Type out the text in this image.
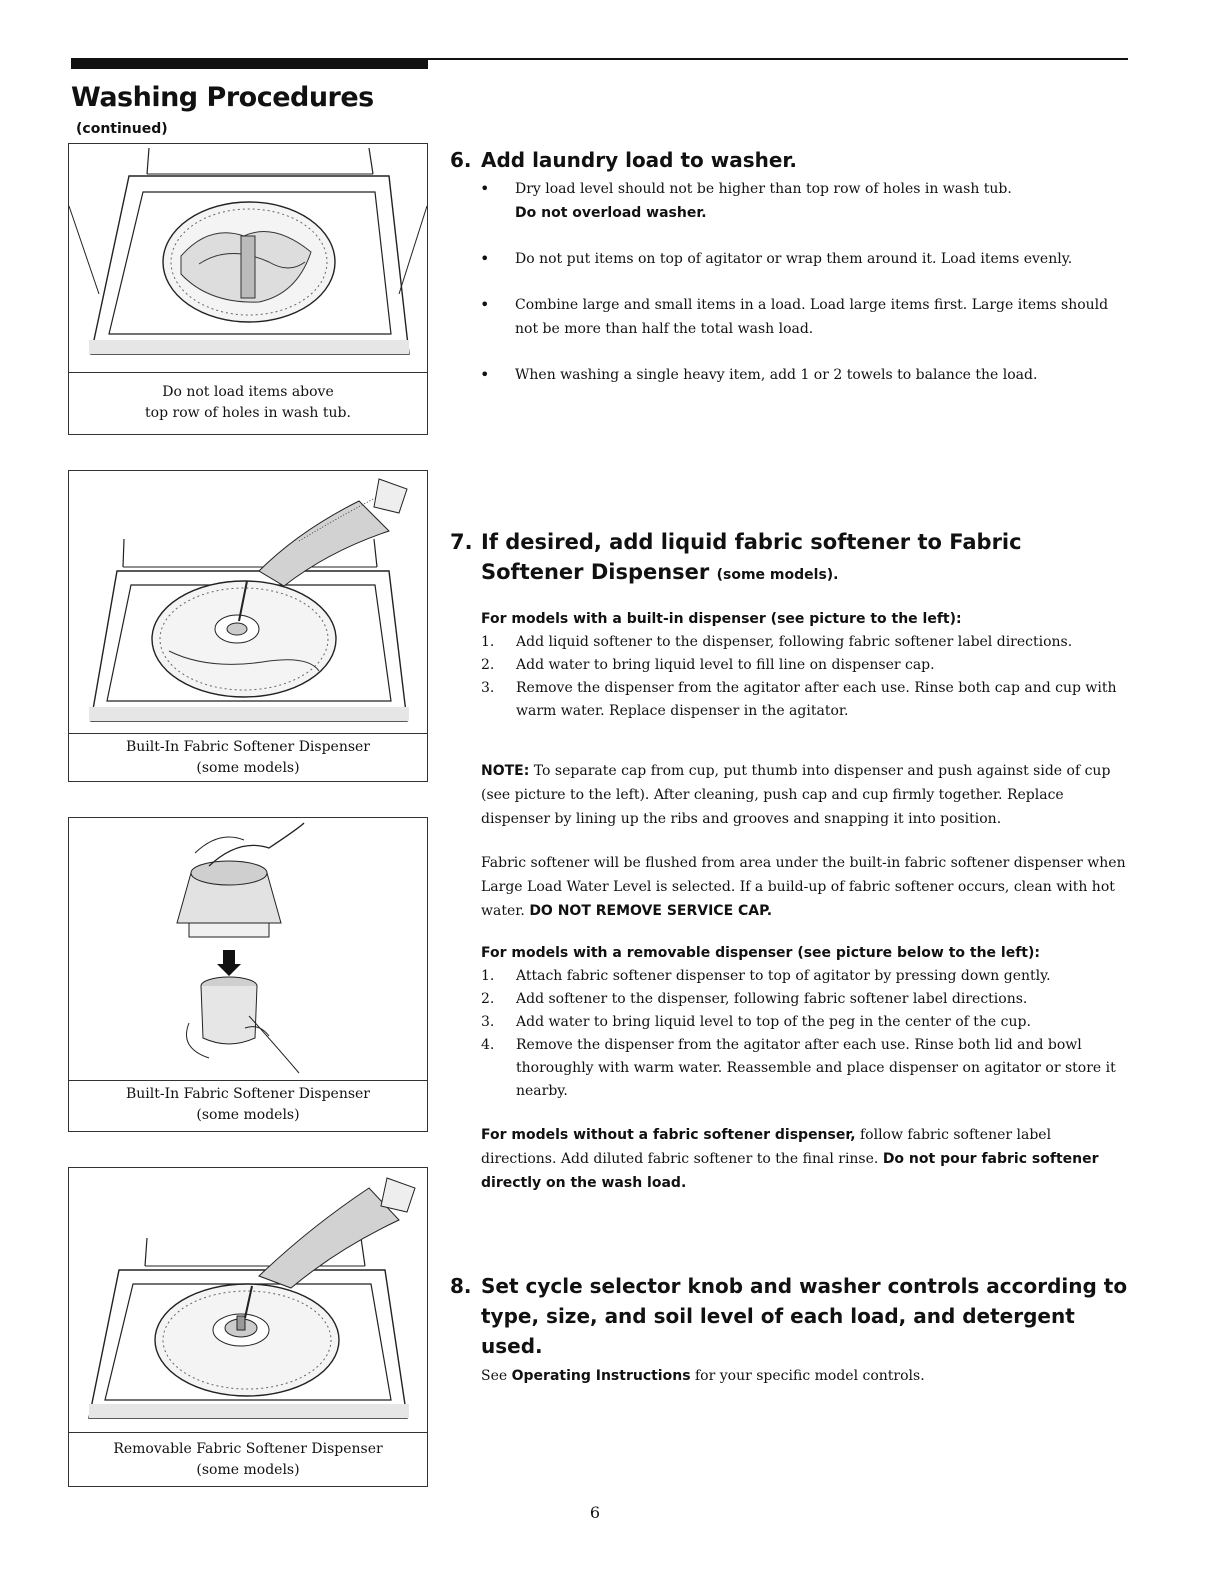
Washing Procedures
(continued)
Do not load items above
top row of holes in wash tub.
Built-In Fabric Softener Dispenser
(some models)
Built-In Fabric Softener Dispenser
(some models)
Removable Fabric Softener Dispenser
(some models)
6. Add laundry load to washer.
• Dry load level should not be higher than top row of holes in wash tub.
Do not overload washer.
• Do not put items on top of agitator or wrap them around it. Load items evenly.
• Combine large and small items in a load. Load large items first. Large items should not be more than half the total wash load.
• When washing a single heavy item, add 1 or 2 towels to balance the load.
7. If desired, add liquid fabric softener to Fabric Softener Dispenser (some models).

For models with a built-in dispenser (see picture to the left):

1. Add liquid softener to the dispenser, following fabric softener label directions.
2. Add water to bring liquid level to fill line on dispenser cap.
3. Remove the dispenser from the agitator after each use. Rinse both cap and cup with warm water. Replace dispenser in the agitator.

NOTE: To separate cap from cup, put thumb into dispenser and push against side of cup (see picture to the left). After cleaning, push cap and cup firmly together. Replace dispenser by lining up the ribs and grooves and snapping it into position.

Fabric softener will be flushed from area under the built-in fabric softener dispenser when Large Load Water Level is selected. If a build-up of fabric softener occurs, clean with hot water. DO NOT REMOVE SERVICE CAP.

For models with a removable dispenser (see picture below to the left):

1. Attach fabric softener dispenser to top of agitator by pressing down gently.
2. Add softener to the dispenser, following fabric softener label directions.
3. Add water to bring liquid level to top of the peg in the center of the cup.
4. Remove the dispenser from the agitator after each use. Rinse both lid and bowl thoroughly with warm water. Reassemble and place dispenser on agitator or store it nearby.

For models without a fabric softener dispenser, follow fabric softener label directions. Add diluted fabric softener to the final rinse. Do not pour fabric softener directly on the wash load.

8. Set cycle selector knob and washer controls according to type, size, and soil level of each load, and detergent used.

See Operating Instructions for your specific model controls.

6
